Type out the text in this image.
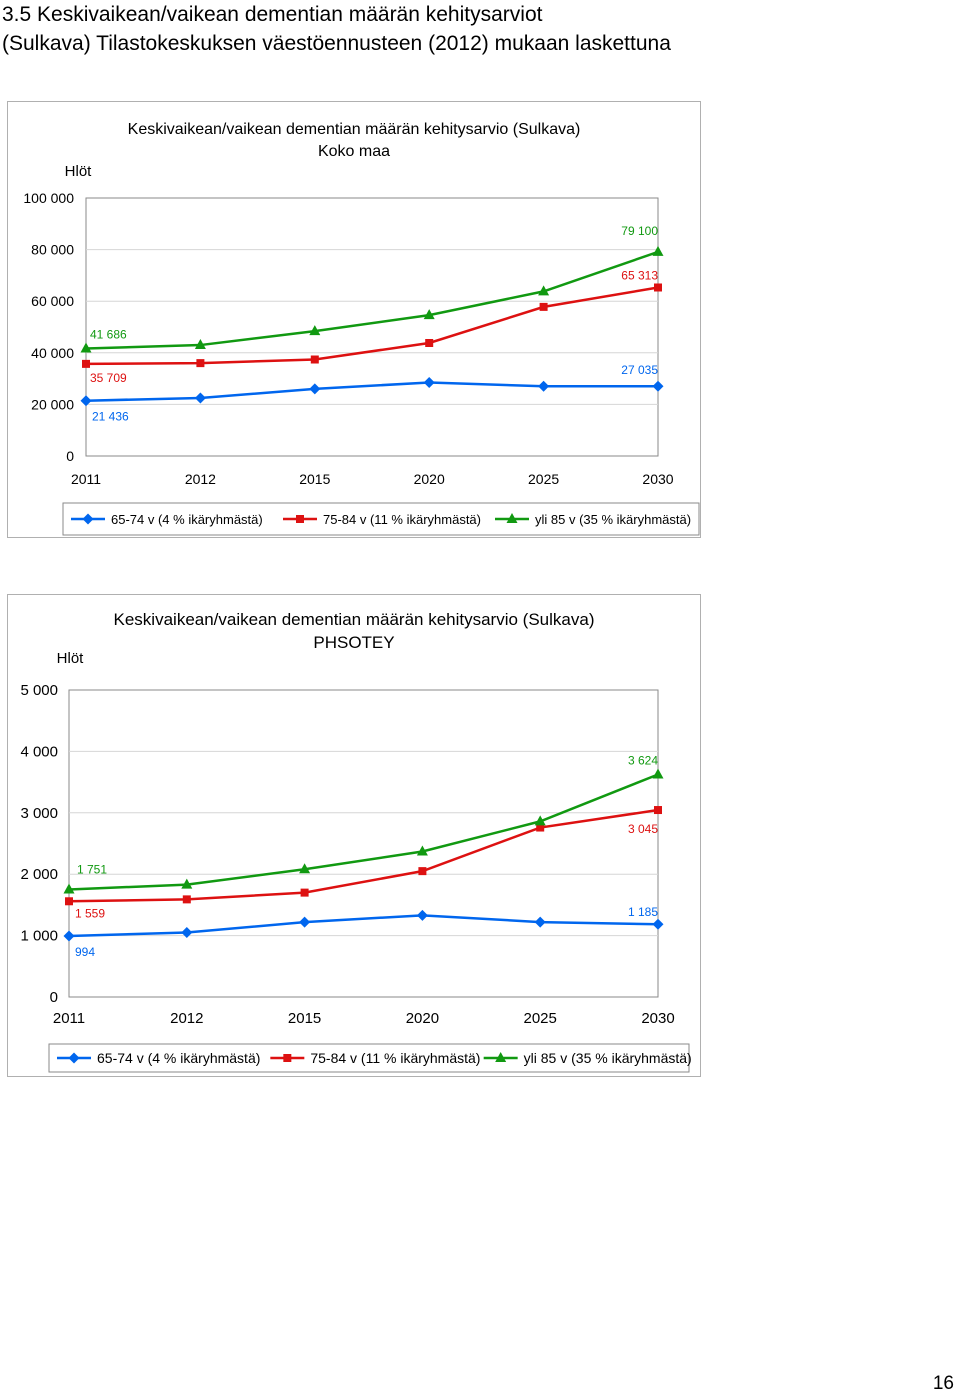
3.5 Keskivaikean/vaikean dementian määrän kehitysarviot
(Sulkava) Tilastokeskuksen väestöennusteen (2012) mukaan laskettuna
Keskivaikean/vaikean dementian määrän kehitysarvio (Sulkava)
Koko maa
Hlöt
0
20 000
40 000
60 000
80 000
100 000
2011	2012	2015	2020	2025	2030
21 436
27 035
35 709
65 313
41 686
79 100
65-74 v (4 % ikäryhmästä)	75-84 v (11 % ikäryhmästä)	yli 85 v (35 % ikäryhmästä)
Keskivaikean/vaikean dementian määrän kehitysarvio (Sulkava)
PHSOTEY
Hlöt
0
1 000
2 000
3 000
4 000
5 000
2011	2012	2015	2020	2025	2030
994
1 185
1 559
3 045
1 751
3 624
65-74 v (4 % ikäryhmästä)	75-84 v (11 % ikäryhmästä)	yli 85 v (35 % ikäryhmästä)
16
